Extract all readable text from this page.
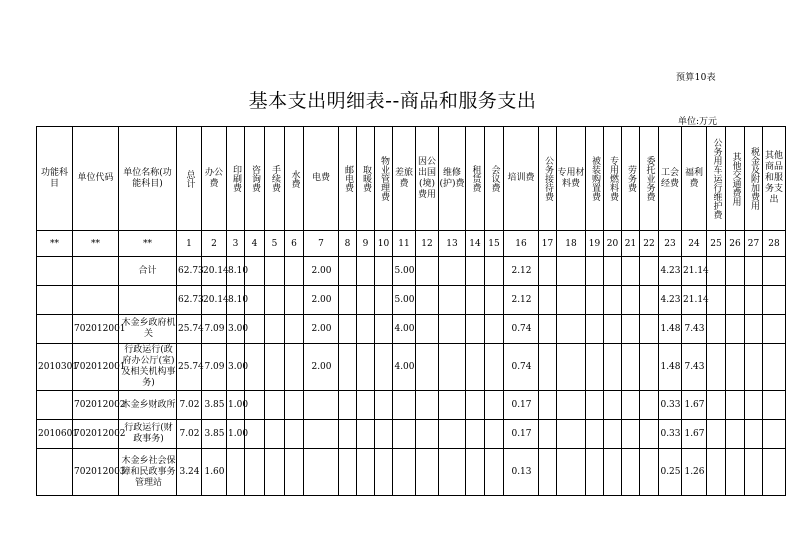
预算10表
基本支出明细表--商品和服务支出
单位:万元
功能科目	单位代码	单位名称(功能科目)	总计	办公费	印刷费	咨询费	手续费	水费	电费	邮电费	取暖费	物业管理费	差旅费	因公出国(境)费用	维修(护)费	租赁费	会议费	培训费	公务接待费	专用材料费	被装购置费	专用燃料费	劳务费	委托业务费	工会经费	福利费	公务用车运行维护费	其他交通费用	税金及附加费用	其他商品和服务支出
**	**	**	1	2	3	4	5	6	7	8	9	10	11	12	13	14	15	16	17	18	19	20	21	22	23	24	25	26	27	28
		合计	62.73	20.14	8.10				2.00				5.00					2.12							4.23	21.14				
			62.73	20.14	8.10				2.00				5.00					2.12							4.23	21.14				
	702012001	木金乡政府机关	25.74	7.09	3.00				2.00				4.00					0.74							1.48	7.43				
2010301	702012001	行政运行(政府办公厅(室)及相关机构事务)	25.74	7.09	3.00				2.00				4.00					0.74							1.48	7.43				
	702012002	木金乡财政所	7.02	3.85	1.00													0.17							0.33	1.67				
2010601	702012002	行政运行(财政事务)	7.02	3.85	1.00													0.17							0.33	1.67				
	702012003	木金乡社会保障和民政事务管理站	3.24	1.60														0.13							0.25	1.26				
